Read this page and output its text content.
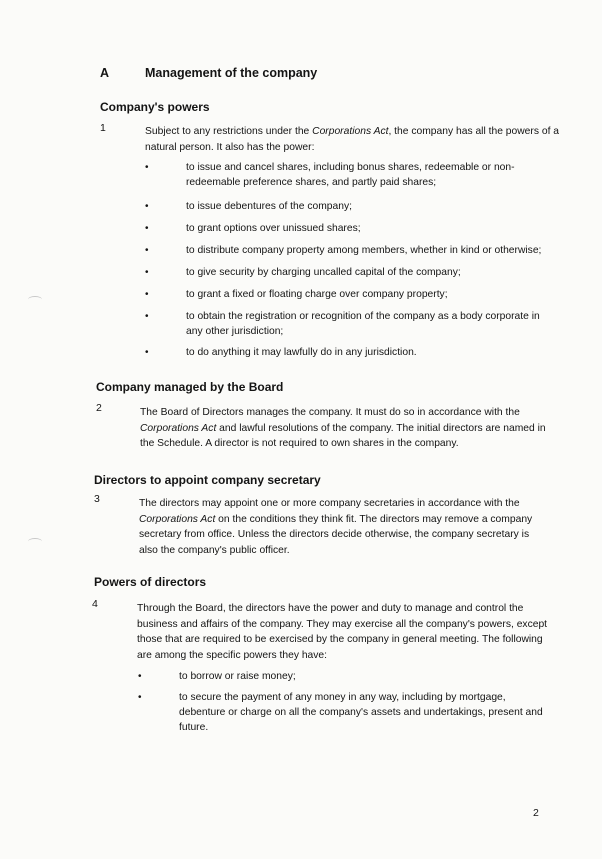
A	Management of the company
Company's powers
1	Subject to any restrictions under the Corporations Act, the company has all the powers of a natural person. It also has the power:
•	to issue and cancel shares, including bonus shares, redeemable or non-redeemable preference shares, and partly paid shares;
•	to issue debentures of the company;
•	to grant options over unissued shares;
•	to distribute company property among members, whether in kind or otherwise;
•	to give security by charging uncalled capital of the company;
•	to grant a fixed or floating charge over company property;
•	to obtain the registration or recognition of the company as a body corporate in any other jurisdiction;
•	to do anything it may lawfully do in any jurisdiction.
Company managed by the Board
2	The Board of Directors manages the company. It must do so in accordance with the Corporations Act and lawful resolutions of the company. The initial directors are named in the Schedule. A director is not required to own shares in the company.
Directors to appoint company secretary
3	The directors may appoint one or more company secretaries in accordance with the Corporations Act on the conditions they think fit. The directors may remove a company secretary from office. Unless the directors decide otherwise, the company secretary is also the company's public officer.
Powers of directors
4	Through the Board, the directors have the power and duty to manage and control the business and affairs of the company. They may exercise all the company's powers, except those that are required to be exercised by the company in general meeting. The following are among the specific powers they have:
•	to borrow or raise money;
•	to secure the payment of any money in any way, including by mortgage, debenture or charge on all the company's assets and undertakings, present and future.
2
